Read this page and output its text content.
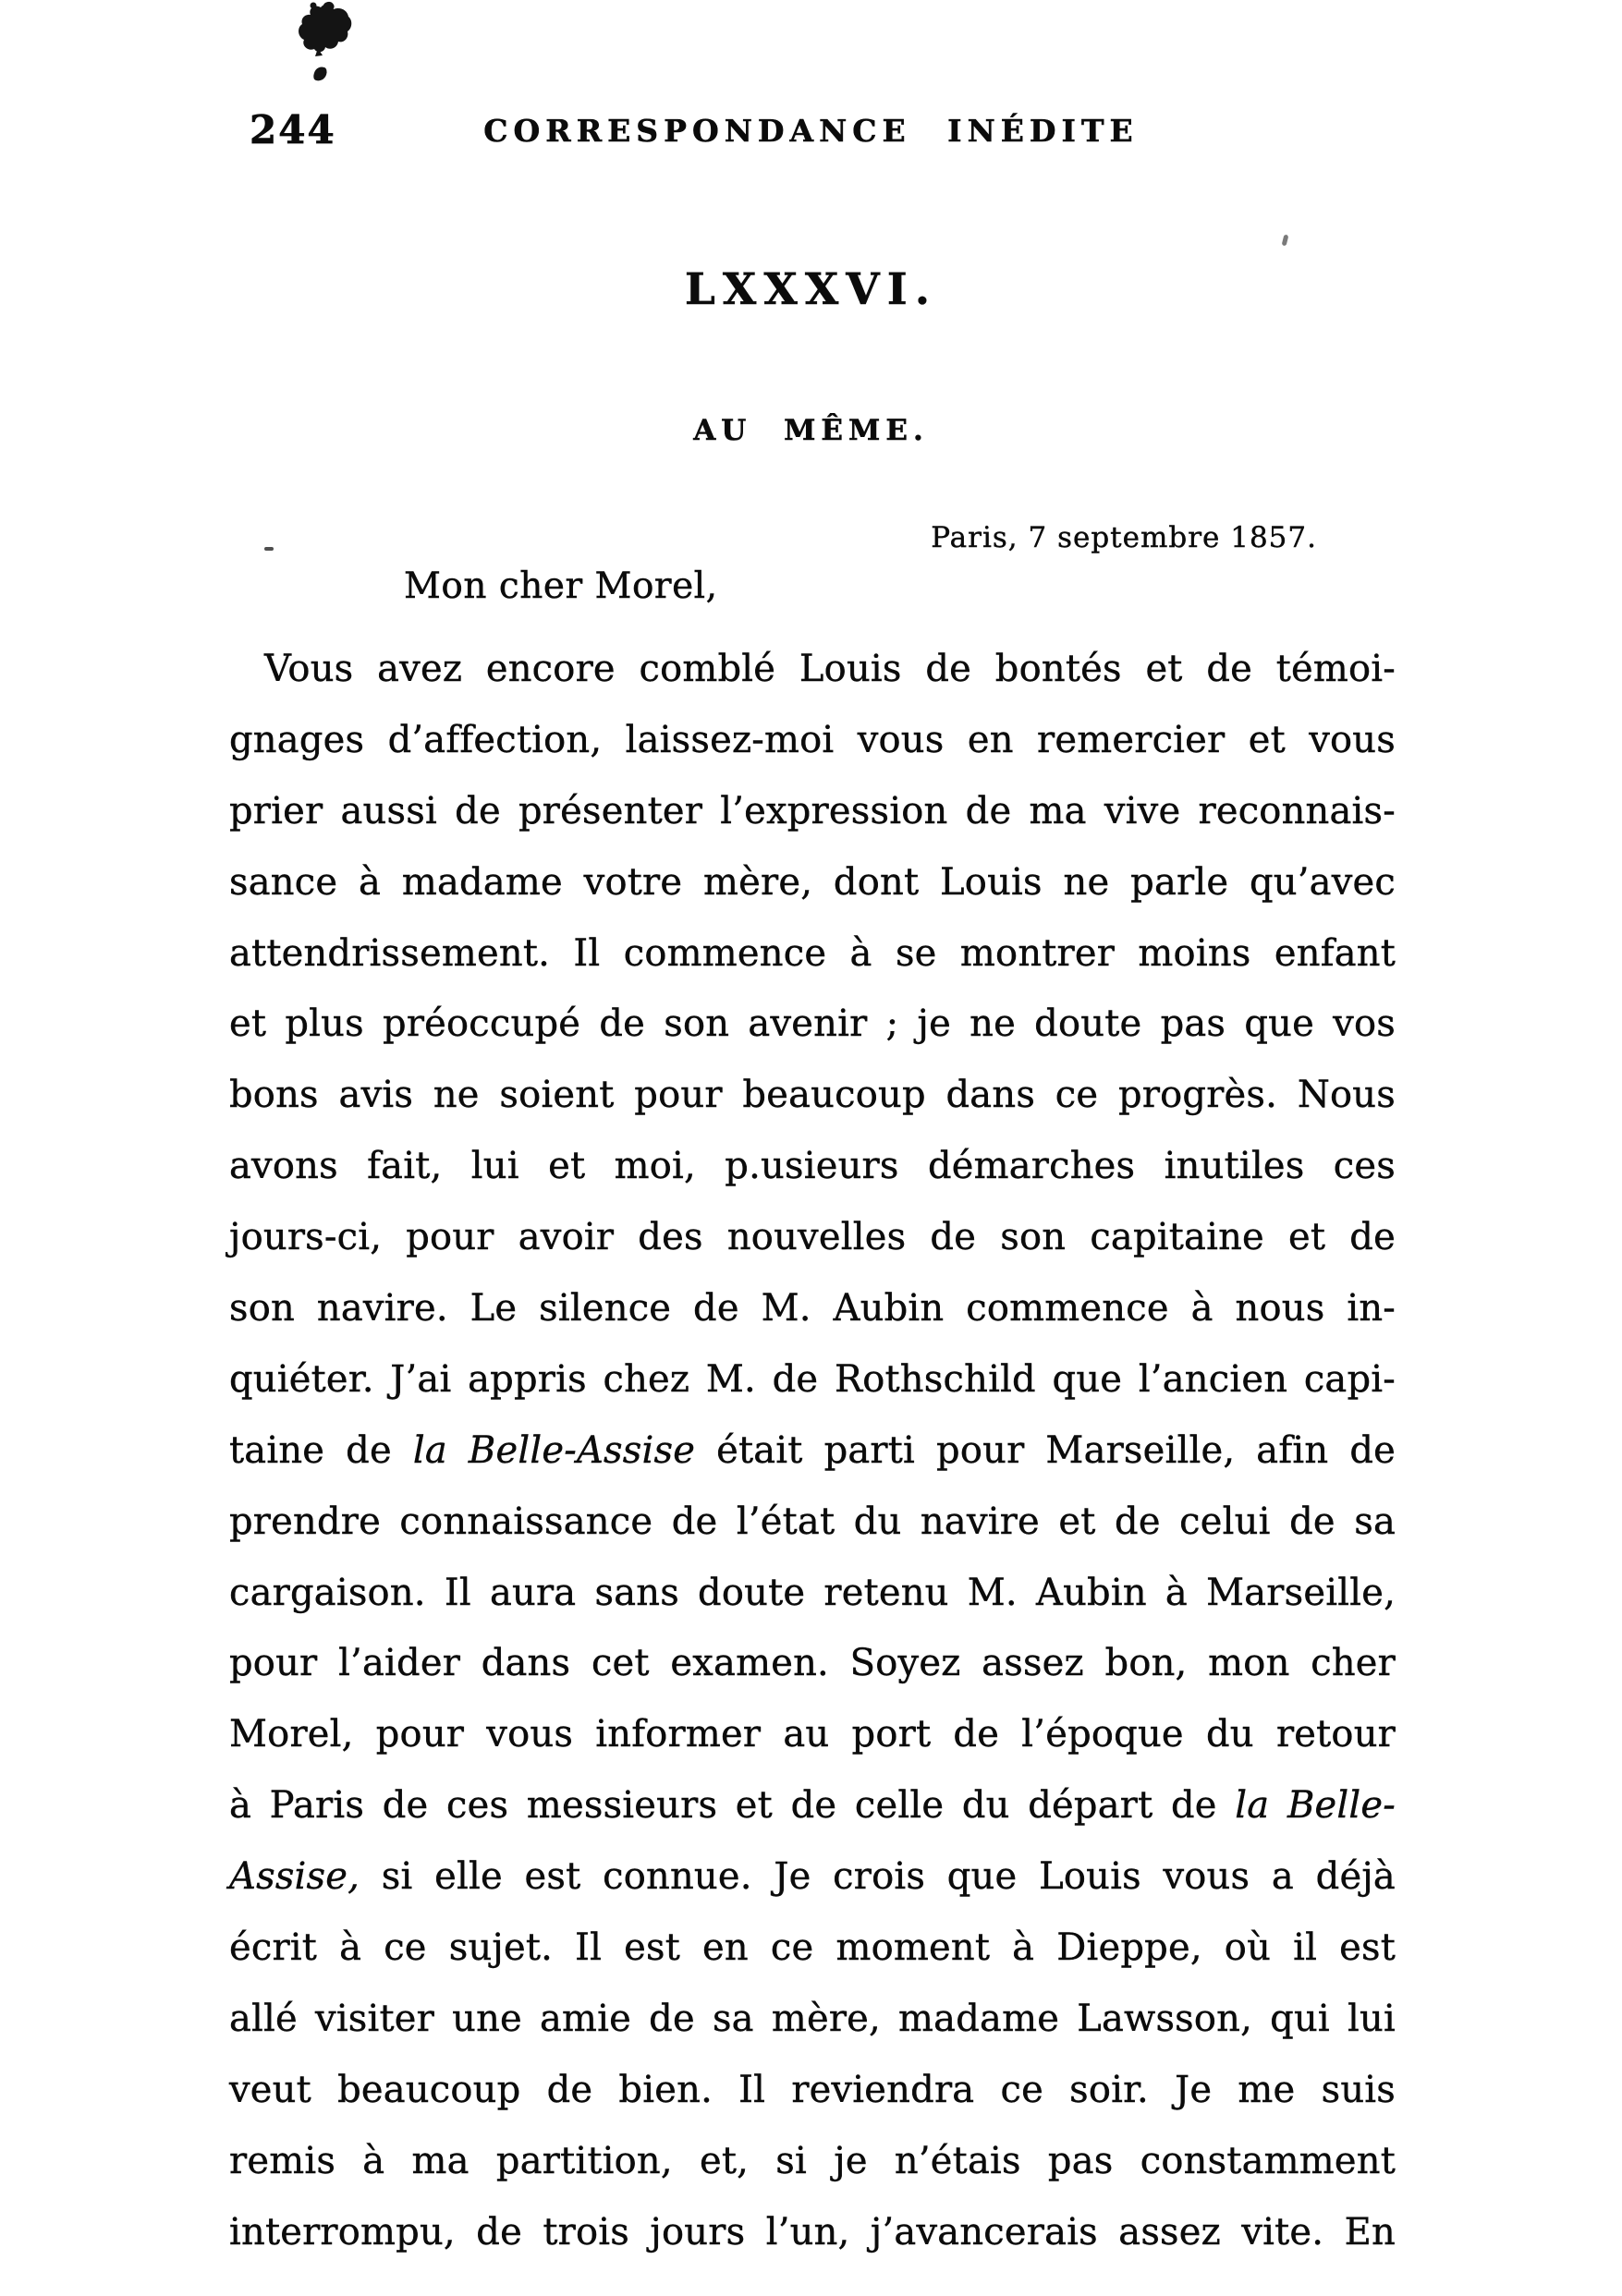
244	CORRESPONDANCE INÉDITE
LXXXVI.
AU MÊME.
Paris, 7 septembre 1857.
Mon cher Morel,
Vous avez encore comblé Louis de bontés et de témoi-
gnages d’affection, laissez-moi vous en remercier et vous
prier aussi de présenter l’expression de ma vive reconnais-
sance à madame votre mère, dont Louis ne parle qu’avec
attendrissement. Il commence à se montrer moins enfant
et plus préoccupé de son avenir ; je ne doute pas que vos
bons avis ne soient pour beaucoup dans ce progrès. Nous
avons fait, lui et moi, p.usieurs démarches inutiles ces
jours-ci, pour avoir des nouvelles de son capitaine et de
son navire. Le silence de M. Aubin commence à nous in-
quiéter. J’ai appris chez M. de Rothschild que l’ancien capi-
taine de la Belle-Assise était parti pour Marseille, afin de
prendre connaissance de l’état du navire et de celui de sa
cargaison. Il aura sans doute retenu M. Aubin à Marseille,
pour l’aider dans cet examen. Soyez assez bon, mon cher
Morel, pour vous informer au port de l’époque du retour
à Paris de ces messieurs et de celle du départ de la Belle-
Assise, si elle est connue. Je crois que Louis vous a déjà
écrit à ce sujet. Il est en ce moment à Dieppe, où il est
allé visiter une amie de sa mère, madame Lawsson, qui lui
veut beaucoup de bien. Il reviendra ce soir. Je me suis
remis à ma partition, et, si je n’étais pas constamment
interrompu, de trois jours l’un, j’avancerais assez vite. En
